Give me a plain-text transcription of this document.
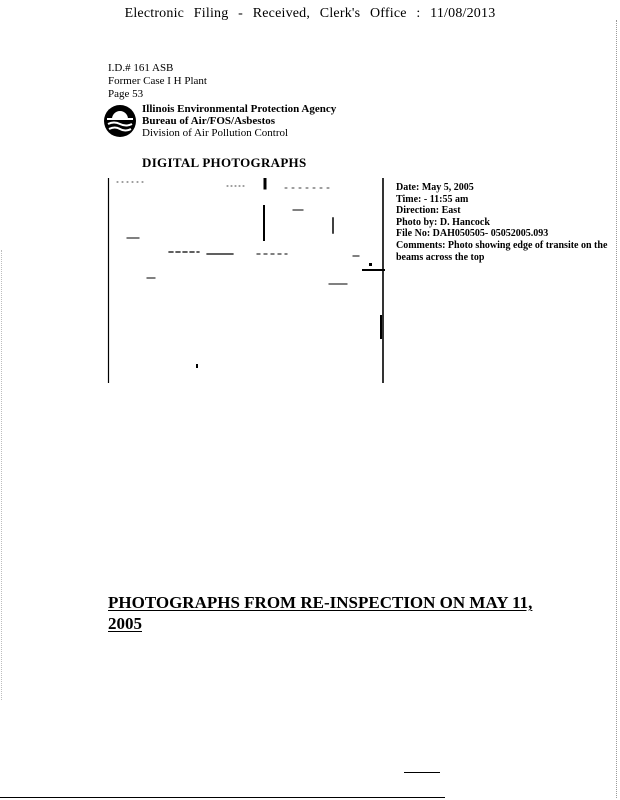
Electronic Filing - Received, Clerk's Office : 11/08/2013
I.D.# 161 ASB
Former Case I H Plant
Page 53
Illinois Environmental Protection Agency
Bureau of Air/FOS/Asbestos
Division of Air Pollution Control
DIGITAL PHOTOGRAPHS
Date: May 5, 2005
Time: - 11:55 am
Direction: East
Photo by: D. Hancock
File No: DAH050505- 05052005.093
Comments: Photo showing edge of transite on the beams across the top
PHOTOGRAPHS FROM RE-INSPECTION ON MAY 11, 2005
